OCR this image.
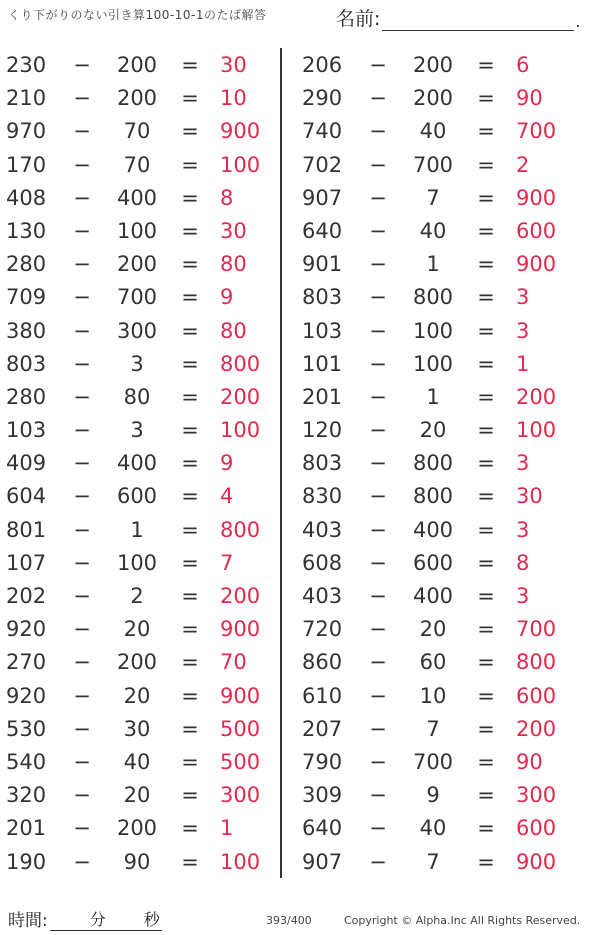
くり下がりのない引き算100-10-1のたば解答	名前:	.
230 − 200 = 30
210 − 200 = 10
970 −	70	= 900
170 −	70	= 100
408 − 400 = 8
130 − 100 = 30
280 − 200 = 80
709 − 700 = 9
380 − 300 = 80
803 −	3	= 800
280 −	80	= 200
103 −	3	= 100
409 − 400 = 9
604 − 600 = 4
801 −	1	= 800
107 − 100 = 7
202 −	2	= 200
920 −	20	= 900
270 − 200 = 70
920 −	20	= 900
530 −	30	= 500
540 −	40	= 500
320 −	20	= 300
201 − 200 = 1
190 −	90	= 100
206 − 200 = 6
290 − 200 = 90
740 −	40	= 700
702 − 700 = 2
907 −	7	= 900
640 −	40	= 600
901 −	1	= 900
803 − 800 = 3
103 − 100 = 3
101 − 100 = 1
201 −	1	= 200
120 −	20	= 100
803 − 800 = 3
830 − 800 = 30
403 − 400 = 3
608 − 600 = 8
403 − 400 = 3
720 −	20	= 700
860 −	60	= 800
610 −	10	= 600
207 −	7	= 200
790 − 700 = 90
309 −	9	= 300
640 −	40	= 600
907 −	7	= 900
時間:	分 秒	393/400	Copyright © Alpha.Inc All Rights Reserved.
